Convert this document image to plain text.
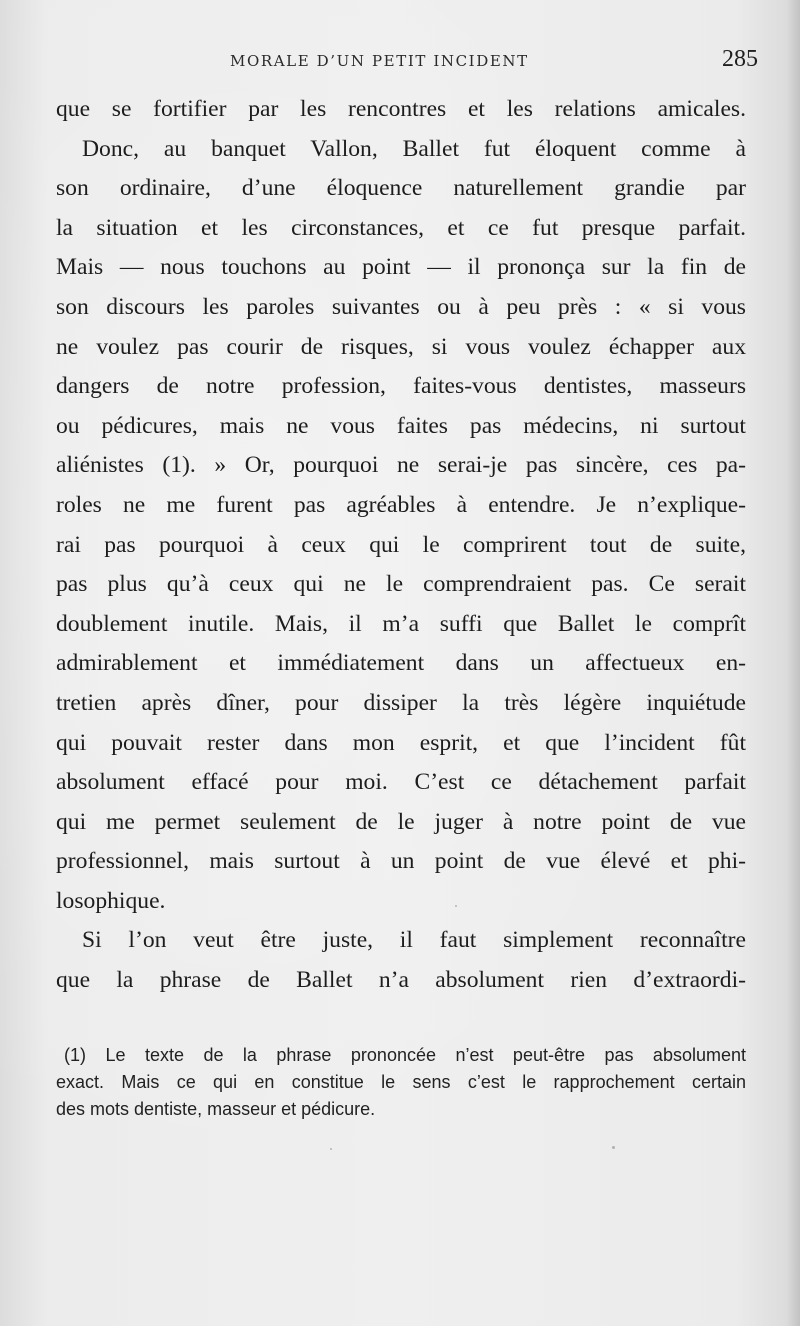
MORALE D’UN PETIT INCIDENT	285
que se fortifier par les rencontres et les relations amicales.
Donc, au banquet Vallon, Ballet fut éloquent comme à
son ordinaire, d’une éloquence naturellement grandie par
la situation et les circonstances, et ce fut presque parfait.
Mais — nous touchons au point — il prononça sur la fin de
son discours les paroles suivantes ou à peu près : « si vous
ne voulez pas courir de risques, si vous voulez échapper aux
dangers de notre profession, faites-vous dentistes, masseurs
ou pédicures, mais ne vous faites pas médecins, ni surtout
aliénistes (1). » Or, pourquoi ne serai-je pas sincère, ces pa-
roles ne me furent pas agréables à entendre. Je n’explique-
rai pas pourquoi à ceux qui le comprirent tout de suite,
pas plus qu’à ceux qui ne le comprendraient pas. Ce serait
doublement inutile. Mais, il m’a suffi que Ballet le comprît
admirablement et immédiatement dans un affectueux en-
tretien après dîner, pour dissiper la très légère inquiétude
qui pouvait rester dans mon esprit, et que l’incident fût
absolument effacé pour moi. C’est ce détachement parfait
qui me permet seulement de le juger à notre point de vue
professionnel, mais surtout à un point de vue élevé et phi-
losophique.
Si l’on veut être juste, il faut simplement reconnaître
que la phrase de Ballet n’a absolument rien d’extraordi-
(1) Le texte de la phrase prononcée n’est peut-être pas absolument
exact. Mais ce qui en constitue le sens c’est le rapprochement certain
des mots dentiste, masseur et pédicure.
